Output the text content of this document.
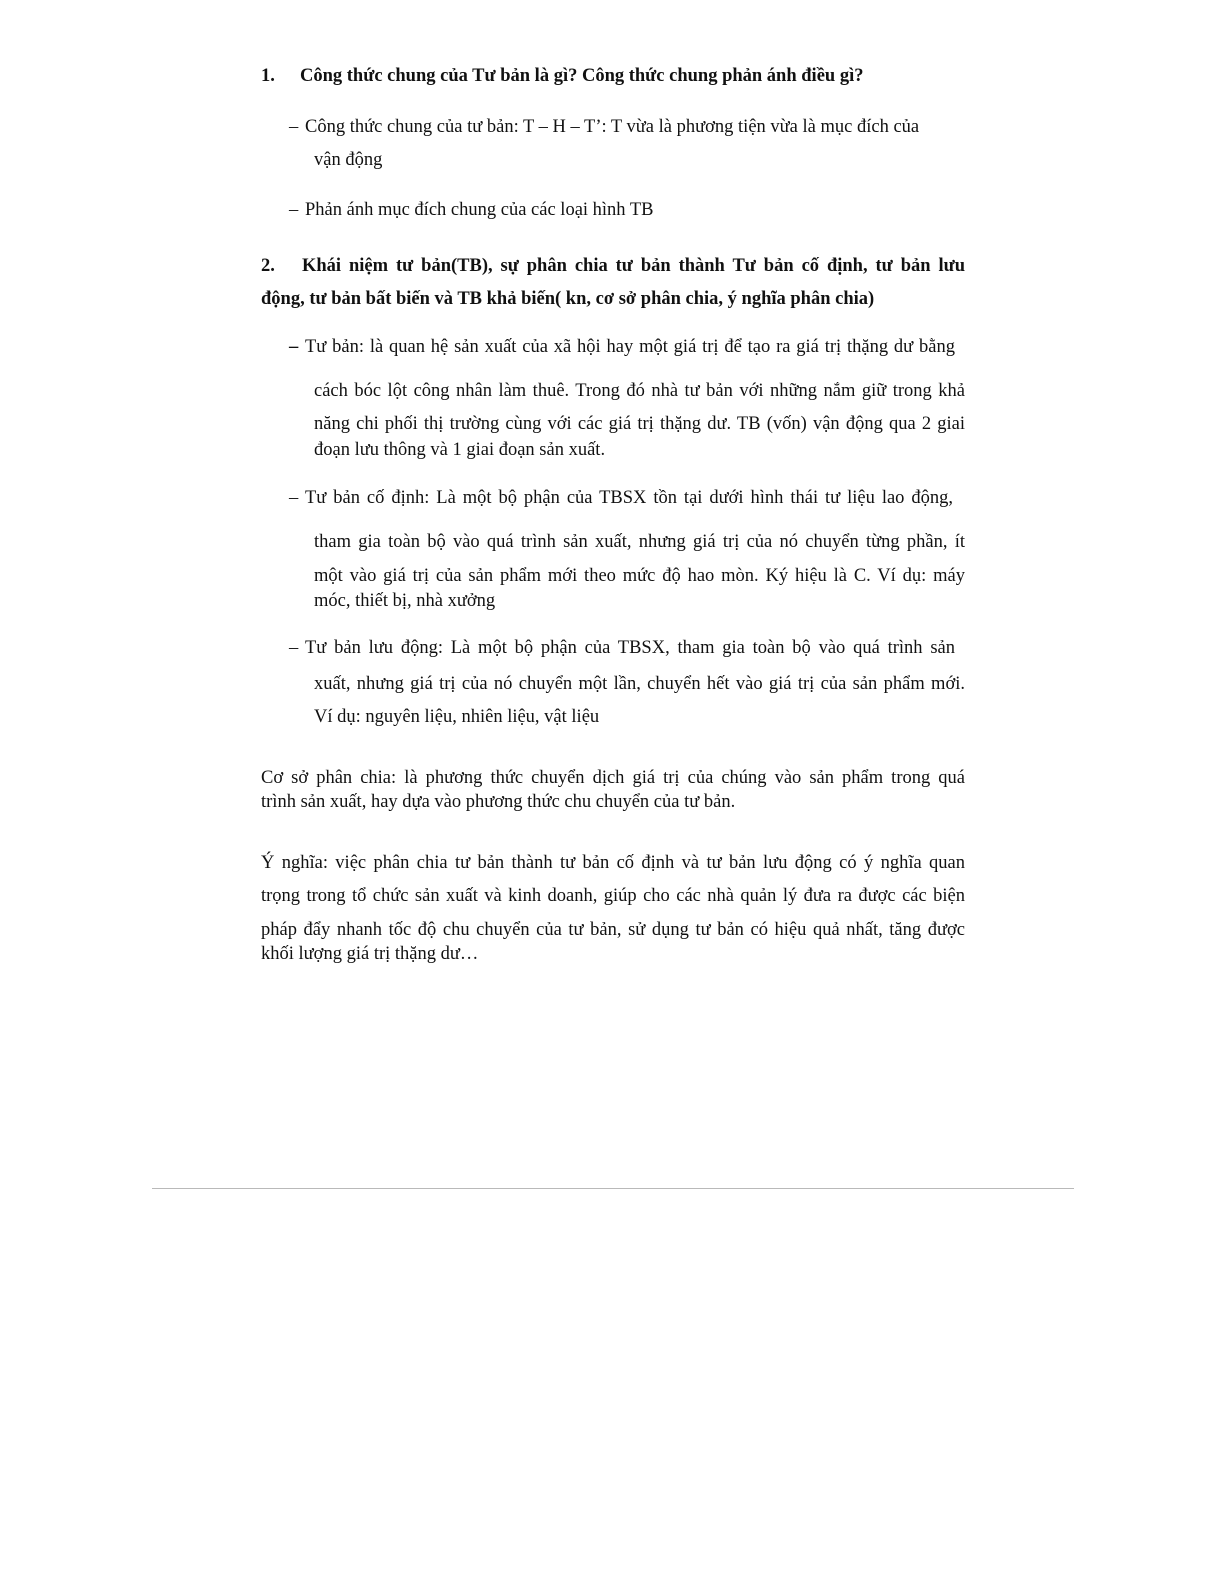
1. Công thức chung của Tư bản là gì? Công thức chung phản ánh điều gì?
– Công thức chung của tư bản: T – H – T’: T vừa là phương tiện vừa là mục đích của
vận động
– Phản ánh mục đích chung của các loại hình TB
2. Khái niệm tư bản(TB), sự phân chia tư bản thành Tư bản cố định, tư bản lưu
động, tư bản bất biến và TB khả biến( kn, cơ sở phân chia, ý nghĩa phân chia)
– Tư bản: là quan hệ sản xuất của xã hội hay một giá trị để tạo ra giá trị thặng dư bằng
cách bóc lột công nhân làm thuê. Trong đó nhà tư bản với những nắm giữ trong khả
năng chi phối thị trường cùng với các giá trị thặng dư. TB (vốn) vận động qua 2 giai
đoạn lưu thông và 1 giai đoạn sản xuất.
– Tư bản cố định: Là một bộ phận của TBSX tồn tại dưới hình thái tư liệu lao động,
tham gia toàn bộ vào quá trình sản xuất, nhưng giá trị của nó chuyển từng phần, ít
một vào giá trị của sản phẩm mới theo mức độ hao mòn. Ký hiệu là C. Ví dụ: máy
móc, thiết bị, nhà xưởng
– Tư bản lưu động: Là một bộ phận của TBSX, tham gia toàn bộ vào quá trình sản
xuất, nhưng giá trị của nó chuyển một lần, chuyển hết vào giá trị của sản phẩm mới.
Ví dụ: nguyên liệu, nhiên liệu, vật liệu
Cơ sở phân chia: là phương thức chuyển dịch giá trị của chúng vào sản phẩm trong quá
trình sản xuất, hay dựa vào phương thức chu chuyển của tư bản.
Ý nghĩa: việc phân chia tư bản thành tư bản cố định và tư bản lưu động có ý nghĩa quan
trọng trong tổ chức sản xuất và kinh doanh, giúp cho các nhà quản lý đưa ra được các biện
pháp đẩy nhanh tốc độ chu chuyển của tư bản, sử dụng tư bản có hiệu quả nhất, tăng được
khối lượng giá trị thặng dư…
